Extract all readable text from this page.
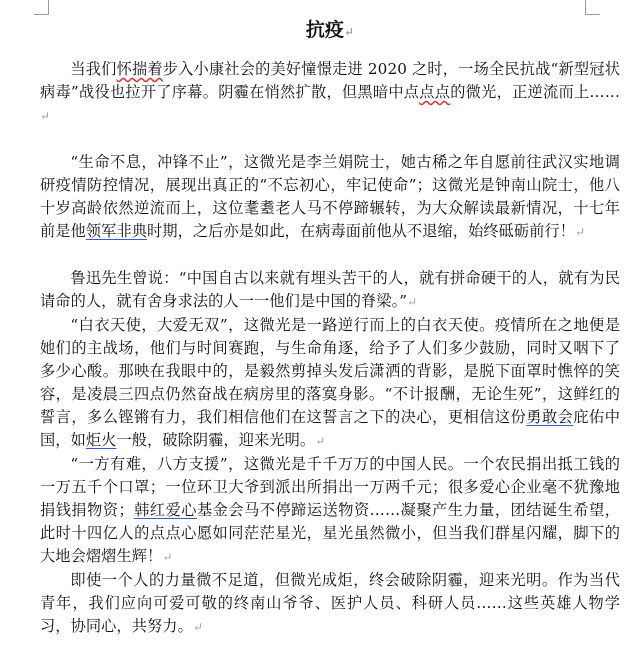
抗疫↵

当我们怀揣着步入小康社会的美好憧憬走进 2020 之时，一场全民抗战“新型冠状病毒”战役也拉开了序幕。阴霾在悄然扩散，但黑暗中点点点的微光，正逆流而上……↵

“生命不息，冲锋不止”，这微光是李兰娟院士，她古稀之年自愿前往武汉实地调研疫情防控情况，展现出真正的“不忘初心，牢记使命”；这微光是钟南山院士，他八十岁高龄依然逆流而上，这位耄耋老人马不停蹄辗转，为大众解读最新情况，十七年前是他领军非典时期，之后亦是如此，在病毒面前他从不退缩，始终砥砺前行！↵

鲁迅先生曾说：“中国自古以来就有埋头苦干的人，就有拼命硬干的人，就有为民请命的人，就有舍身求法的人一一他们是中国的脊梁。”↵

“白衣天使，大爱无双”，这微光是一路逆行而上的白衣天使。疫情所在之地便是她们的主战场，他们与时间赛跑，与生命角逐，给予了人们多少鼓励，同时又咽下了多少心酸。那映在我眼中的，是毅然剪掉头发后潇洒的背影，是脱下面罩时憔悴的笑容，是凌晨三四点仍然奋战在病房里的落寞身影。“不计报酬，无论生死”，这鲜红的誓言，多么铿锵有力，我们相信他们在这誓言之下的决心，更相信这份勇敢会庇佑中国，如炬火一般，破除阴霾，迎来光明。↵

“一方有难，八方支援”，这微光是千千万万的中国人民。一个农民捐出抵工钱的一万五千个口罩；一位环卫大爷到派出所捐出一万两千元；很多爱心企业毫不犹豫地捐钱捐物资；韩红爱心基金会马不停蹄运送物资……凝聚产生力量，团结诞生希望，此时十四亿人的点点心愿如同茫茫星光，星光虽然微小，但当我们群星闪耀，脚下的大地会熠熠生辉！↵

即使一个人的力量微不足道，但微光成炬，终会破除阴霾，迎来光明。作为当代青年，我们应向可爱可敬的终南山爷爷、医护人员、科研人员……这些英雄人物学习，协同心，共努力。↵
